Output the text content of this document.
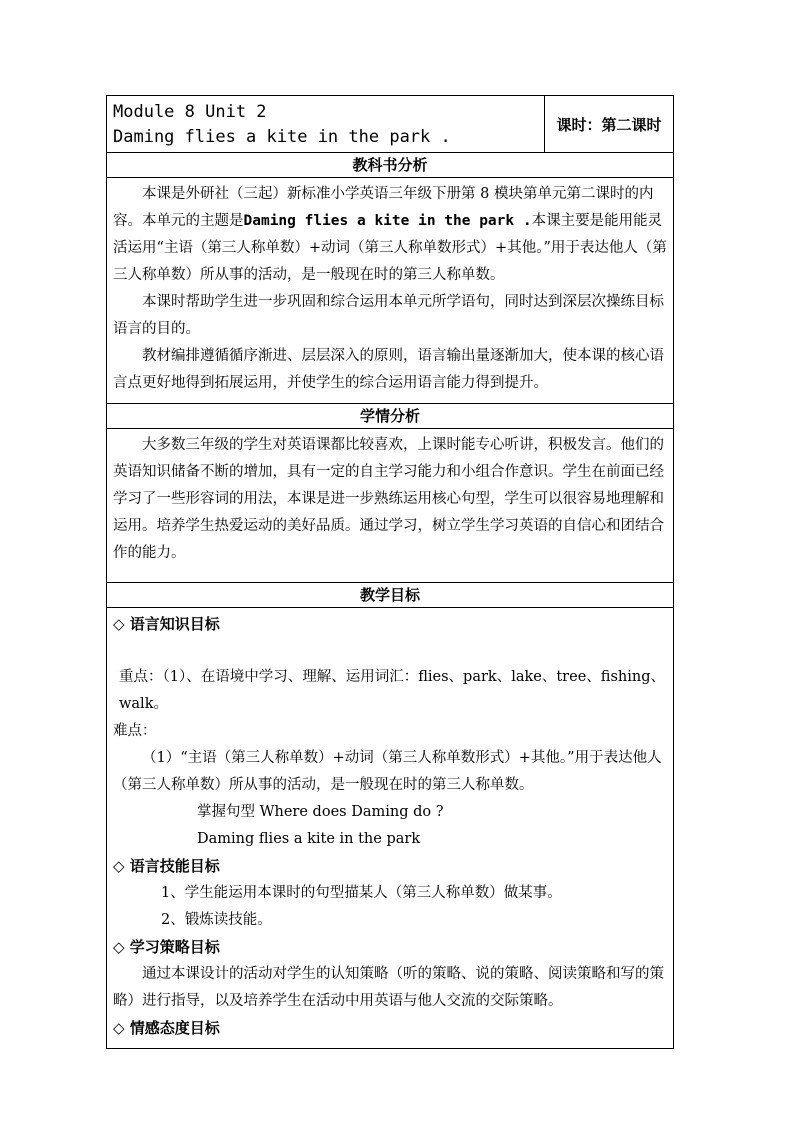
Module 8 Unit 2
Daming flies a kite in the park .
	课时：第二课时
教科书分析

本课是外研社（三起）新标准小学英语三年级下册第 8 模块第单元第二课时的内容。本单元的主题是Daming flies a kite in the park .本课主要是能用能灵活运用“主语（第三人称单数）+动词（第三人称单数形式）+其他。”用于表达他人（第三人称单数）所从事的活动，是一般现在时的第三人称单数。

本课时帮助学生进一步巩固和综合运用本单元所学语句，同时达到深层次操练目标语言的目的。

教材编排遵循循序渐进、层层深入的原则，语言输出量逐渐加大，使本课的核心语言点更好地得到拓展运用，并使学生的综合运用语言能力得到提升。

学情分析

大多数三年级的学生对英语课都比较喜欢，上课时能专心听讲，积极发言。他们的英语知识储备不断的增加，具有一定的自主学习能力和小组合作意识。学生在前面已经学习了一些形容词的用法，本课是进一步熟练运用核心句型，学生可以很容易地理解和运用。培养学生热爱运动的美好品质。通过学习，树立学生学习英语的自信心和团结合作的能力。

教学目标

◇ 语言知识目标

重点：（1）、在语境中学习、理解、运用词汇：flies、park、lake、tree、fishing、walk。

难点：

（1）“主语（第三人称单数）+动词（第三人称单数形式）+其他。”用于表达他人（第三人称单数）所从事的活动，是一般现在时的第三人称单数。

掌握句型 Where does Daming do ?

Daming flies a kite in the park

◇ 语言技能目标

1、学生能运用本课时的句型描某人（第三人称单数）做某事。

2、锻炼读技能。

◇ 学习策略目标

通过本课设计的活动对学生的认知策略（听的策略、说的策略、阅读策略和写的策略）进行指导，以及培养学生在活动中用英语与他人交流的交际策略。

◇ 情感态度目标
